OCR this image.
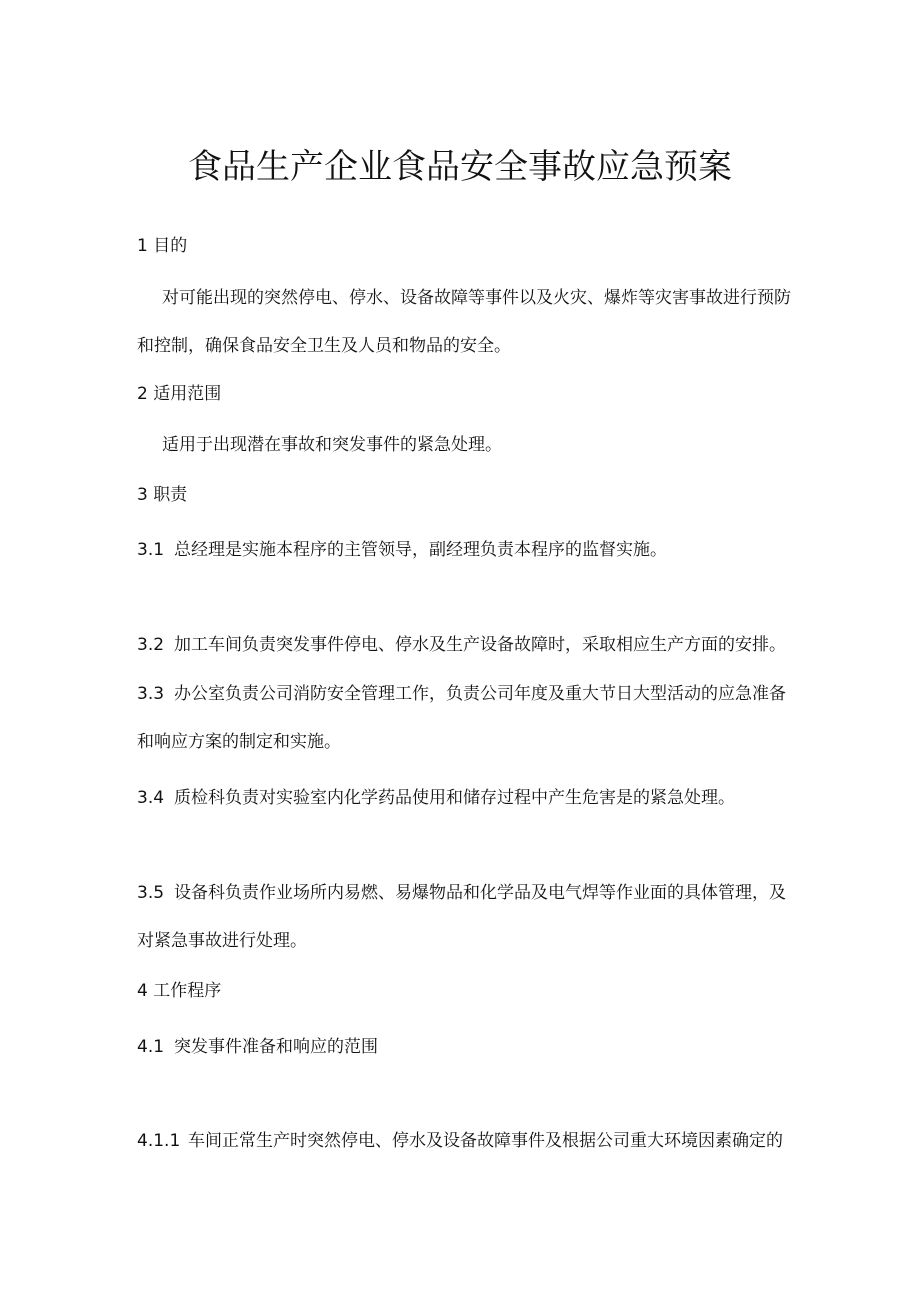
食品生产企业食品安全事故应急预案

1 目的

对可能出现的突然停电、停水、设备故障等事件以及火灾、爆炸等灾害事故进行预防

和控制，确保食品安全卫生及人员和物品的安全。

2 适用范围

适用于出现潜在事故和突发事件的紧急处理。

3 职责

3.1 总经理是实施本程序的主管领导，副经理负责本程序的监督实施。

3.2 加工车间负责突发事件停电、停水及生产设备故障时，采取相应生产方面的安排。

3.3 办公室负责公司消防安全管理工作，负责公司年度及重大节日大型活动的应急准备

和响应方案的制定和实施。

3.4 质检科负责对实验室内化学药品使用和储存过程中产生危害是的紧急处理。

3.5 设备科负责作业场所内易燃、易爆物品和化学品及电气焊等作业面的具体管理，及

对紧急事故进行处理。

4 工作程序

4.1 突发事件准备和响应的范围

4.1.1 车间正常生产时突然停电、停水及设备故障事件及根据公司重大环境因素确定的
